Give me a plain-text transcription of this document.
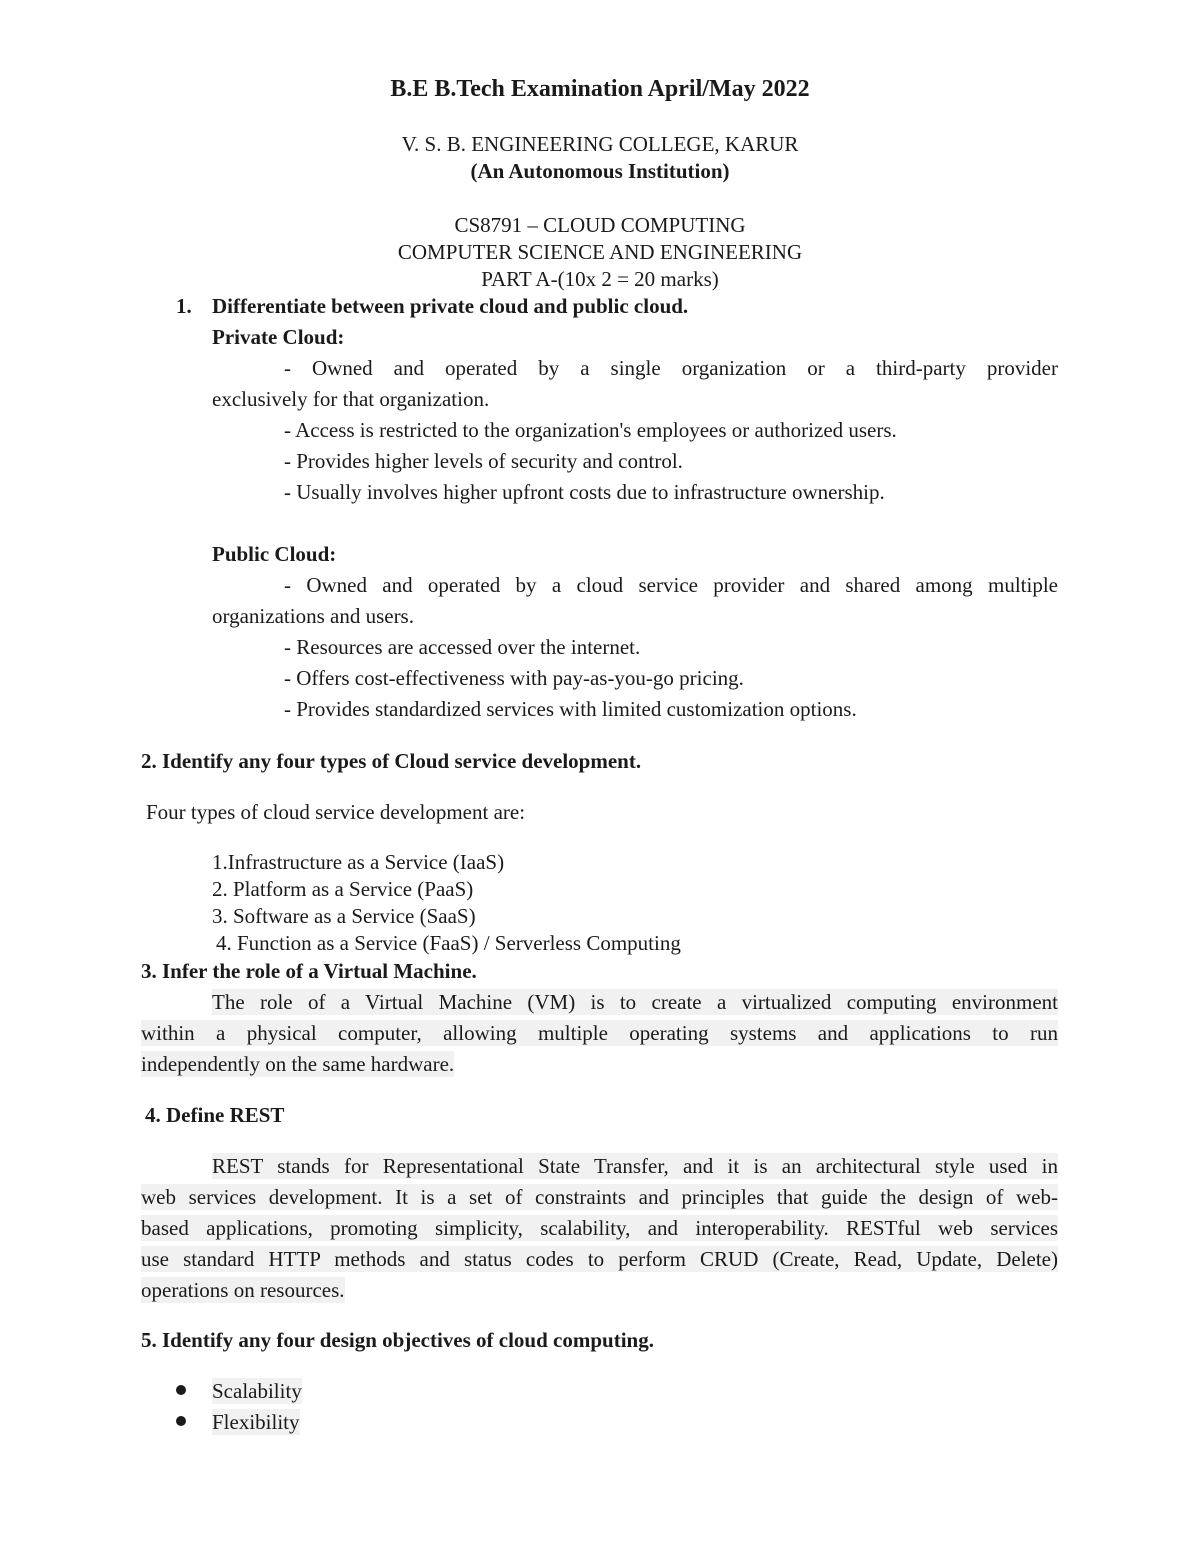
B.E B.Tech Examination April/May 2022
V. S. B. ENGINEERING COLLEGE, KARUR
(An Autonomous Institution)
CS8791 – CLOUD COMPUTING
COMPUTER SCIENCE AND ENGINEERING
PART A-(10x 2 = 20 marks)
1. Differentiate between private cloud and public cloud.
Private Cloud:
- Owned and operated by a single organization or a third-party provider
exclusively for that organization.
- Access is restricted to the organization's employees or authorized users.
- Provides higher levels of security and control.
- Usually involves higher upfront costs due to infrastructure ownership.
Public Cloud:
- Owned and operated by a cloud service provider and shared among multiple
organizations and users.
- Resources are accessed over the internet.
- Offers cost-effectiveness with pay-as-you-go pricing.
- Provides standardized services with limited customization options.
2. Identify any four types of Cloud service development.
Four types of cloud service development are:
1.Infrastructure as a Service (IaaS)
2. Platform as a Service (PaaS)
3. Software as a Service (SaaS)
4. Function as a Service (FaaS) / Serverless Computing
3. Infer the role of a Virtual Machine.
The role of a Virtual Machine (VM) is to create a virtualized computing environment
within a physical computer, allowing multiple operating systems and applications to run
independently on the same hardware.
4. Define REST
REST stands for Representational State Transfer, and it is an architectural style used in
web services development. It is a set of constraints and principles that guide the design of web-
based applications, promoting simplicity, scalability, and interoperability. RESTful web services
use standard HTTP methods and status codes to perform CRUD (Create, Read, Update, Delete)
operations on resources.
5. Identify any four design objectives of cloud computing.
Scalability
Flexibility
